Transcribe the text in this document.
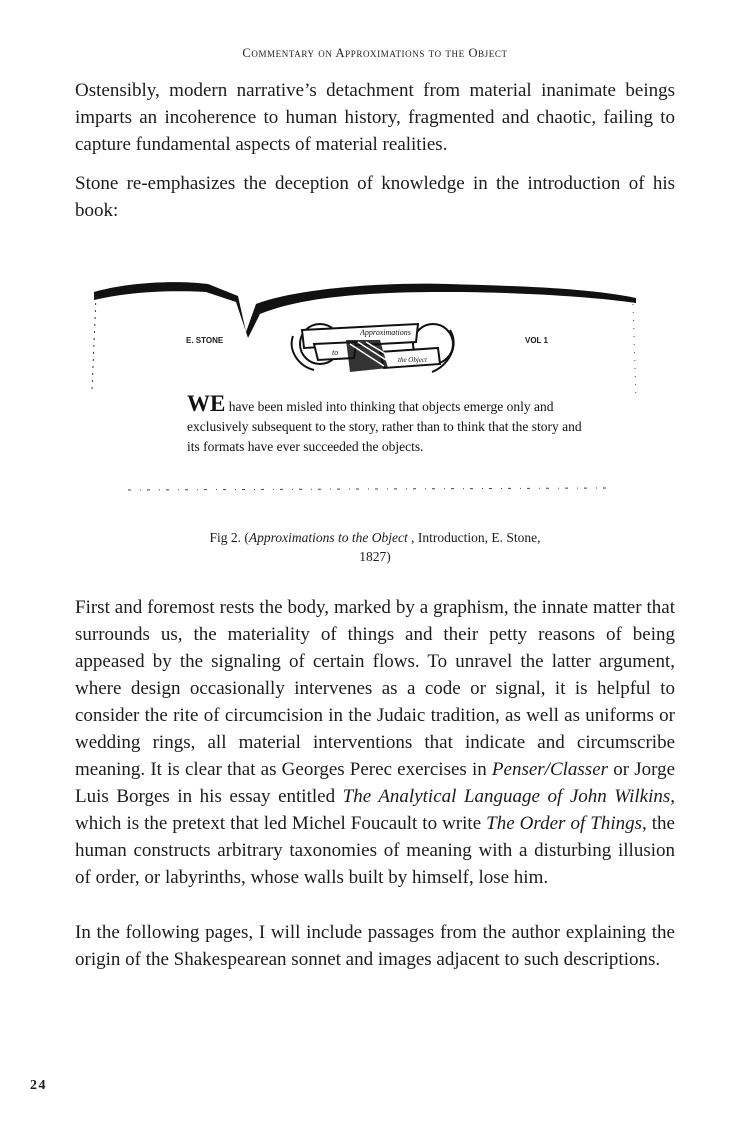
Commentary on Approximations to the Object

Ostensibly, modern narrative’s detachment from material inanimate beings imparts an incoherence to human history, fragmented and chaotic, failing to capture fundamental aspects of material realities.

Stone re-emphasizes the deception of knowledge in the introduction of his book:

Approximations
to
the Object
E. STONE	VOL 1
WE have been misled into thinking that objects emerge only and exclusively subsequent to the story, rather than to think that the story and its formats have ever succeeded the objects.
Fig 2. (Approximations to the Object , Introduction, E. Stone, 1827)

First and foremost rests the body, marked by a graphism, the innate matter that surrounds us, the materiality of things and their petty reasons of being appeased by the signaling of certain flows. To unravel the latter argument, where design occasionally intervenes as a code or signal, it is helpful to consider the rite of circumcision in the Judaic tradition, as well as uniforms or wedding rings, all material interventions that indicate and circumscribe meaning. It is clear that as Georges Perec exercises in Penser/Classer or Jorge Luis Borges in his essay entitled The Analytical Language of John Wilkins, which is the pretext that led Michel Foucault to write The Order of Things, the human constructs arbitrary taxonomies of meaning with a disturbing illusion of order, or labyrinths, whose walls built by himself, lose him.

In the following pages, I will include passages from the author explaining the origin of the Shakespearean sonnet and images adjacent to such descriptions.

24
